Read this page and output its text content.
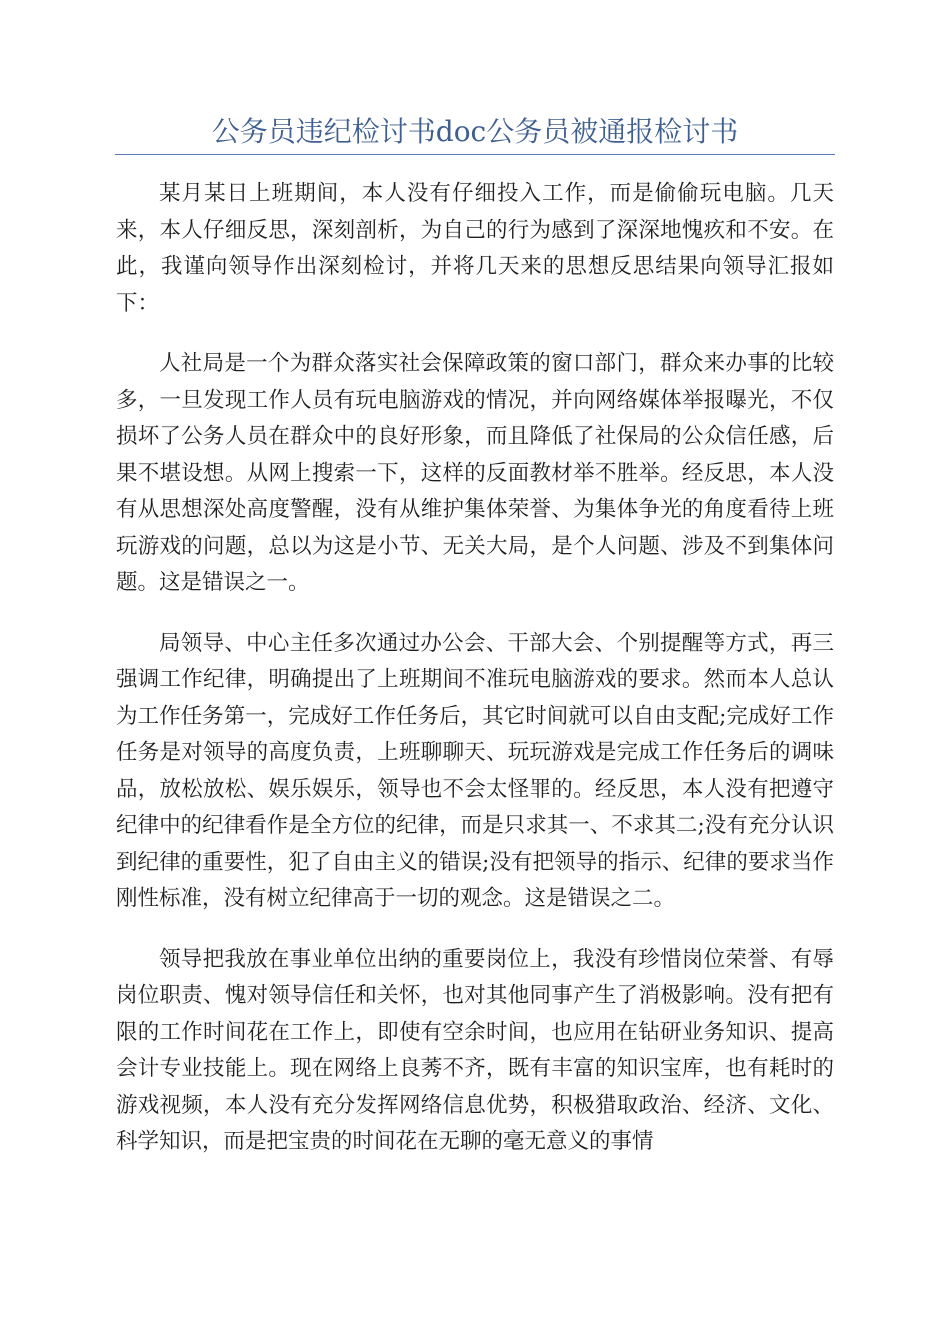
公务员违纪检讨书doc公务员被通报检讨书

某月某日上班期间，本人没有仔细投入工作，而是偷偷玩电脑。几天来，本人仔细反思，深刻剖析，为自己的行为感到了深深地愧疚和不安。在此，我谨向领导作出深刻检讨，并将几天来的思想反思结果向领导汇报如下：

人社局是一个为群众落实社会保障政策的窗口部门，群众来办事的比较多，一旦发现工作人员有玩电脑游戏的情况，并向网络媒体举报曝光，不仅损坏了公务人员在群众中的良好形象，而且降低了社保局的公众信任感，后果不堪设想。从网上搜索一下，这样的反面教材举不胜举。经反思，本人没有从思想深处高度警醒，没有从维护集体荣誉、为集体争光的角度看待上班玩游戏的问题，总以为这是小节、无关大局，是个人问题、涉及不到集体问题。这是错误之一。

局领导、中心主任多次通过办公会、干部大会、个别提醒等方式，再三强调工作纪律，明确提出了上班期间不准玩电脑游戏的要求。然而本人总认为工作任务第一，完成好工作任务后，其它时间就可以自由支配;完成好工作任务是对领导的高度负责，上班聊聊天、玩玩游戏是完成工作任务后的调味品，放松放松、娱乐娱乐，领导也不会太怪罪的。经反思，本人没有把遵守纪律中的纪律看作是全方位的纪律，而是只求其一、不求其二;没有充分认识到纪律的重要性，犯了自由主义的错误;没有把领导的指示、纪律的要求当作刚性标准，没有树立纪律高于一切的观念。这是错误之二。

领导把我放在事业单位出纳的重要岗位上，我没有珍惜岗位荣誉、有辱岗位职责、愧对领导信任和关怀，也对其他同事产生了消极影响。没有把有限的工作时间花在工作上，即使有空余时间，也应用在钻研业务知识、提高会计专业技能上。现在网络上良莠不齐，既有丰富的知识宝库，也有耗时的游戏视频，本人没有充分发挥网络信息优势，积极猎取政治、经济、文化、科学知识，而是把宝贵的时间花在无聊的毫无意义的事情
